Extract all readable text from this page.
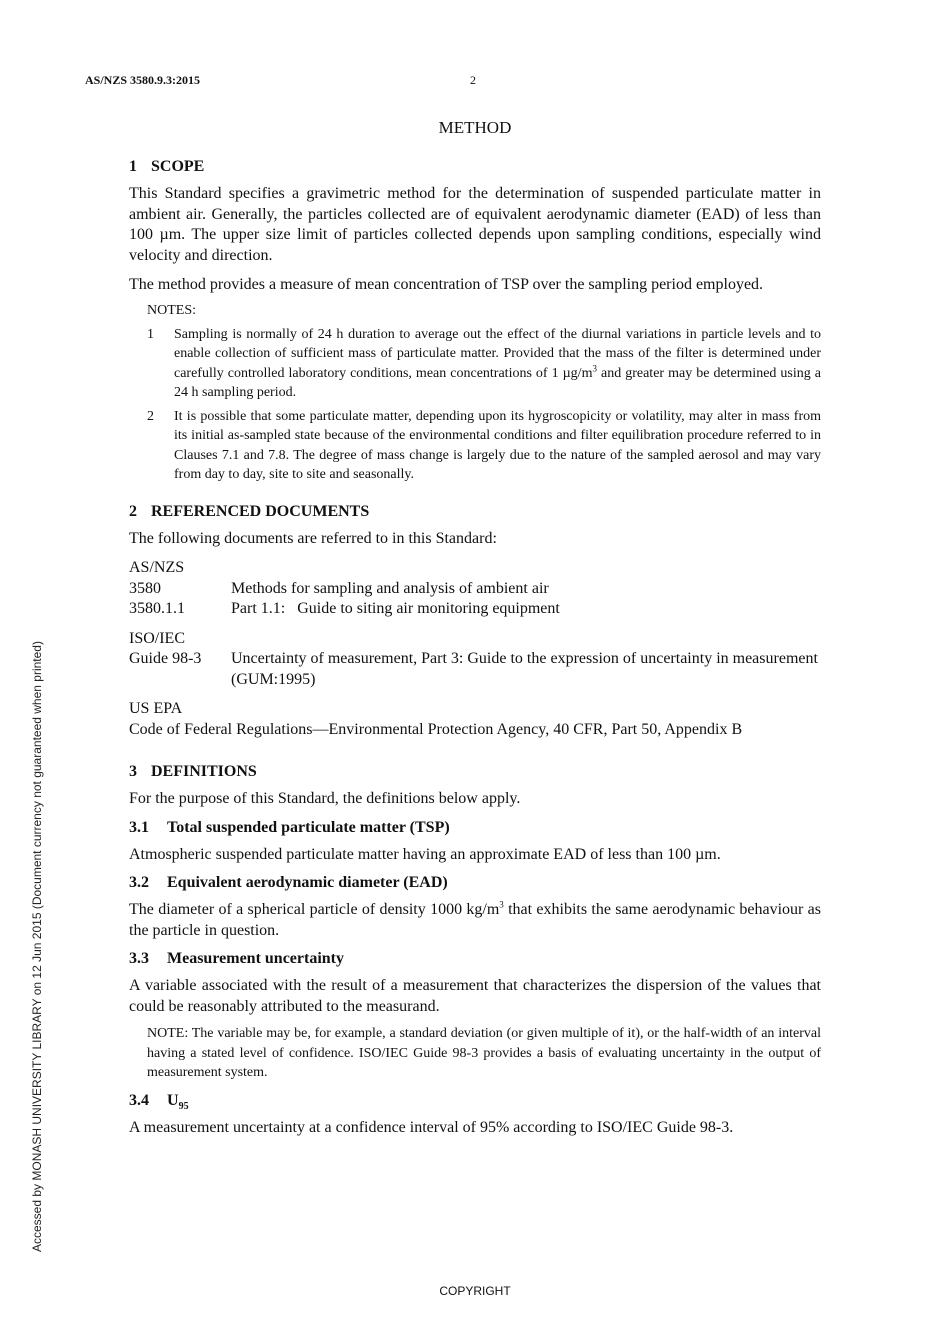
AS/NZS 3580.9.3:2015	2
Accessed by MONASH UNIVERSITY LIBRARY on 12 Jun 2015 (Document currency not guaranteed when printed)
METHOD
1 SCOPE

This Standard specifies a gravimetric method for the determination of suspended particulate matter in ambient air. Generally, the particles collected are of equivalent aerodynamic diameter (EAD) of less than 100 µm. The upper size limit of particles collected depends upon sampling conditions, especially wind velocity and direction.

The method provides a measure of mean concentration of TSP over the sampling period employed.

NOTES:
1	Sampling is normally of 24 h duration to average out the effect of the diurnal variations in particle levels and to enable collection of sufficient mass of particulate matter. Provided that the mass of the filter is determined under carefully controlled laboratory conditions, mean concentrations of 1 $\mu g/m^3$ and greater may be determined using a 24 h sampling period.
2	It is possible that some particulate matter, depending upon its hygroscopicity or volatility, may alter in mass from its initial as-sampled state because of the environmental conditions and filter equilibration procedure referred to in Clauses 7.1 and 7.8. The degree of mass change is largely due to the nature of the sampled aerosol and may vary from day to day, site to site and seasonally.
2 REFERENCED DOCUMENTS

The following documents are referred to in this Standard:

AS/NZS
3580	Methods for sampling and analysis of ambient air
3580.1.1	Part 1.1:   Guide to siting air monitoring equipment
ISO/IEC
Guide 98-3	Uncertainty of measurement, Part 3: Guide to the expression of uncertainty in measurement (GUM:1995)
US EPA
Code of Federal Regulations—Environmental Protection Agency, 40 CFR, Part 50, Appendix B
3 DEFINITIONS

For the purpose of this Standard, the definitions below apply.

3.1 Total suspended particulate matter (TSP)

Atmospheric suspended particulate matter having an approximate EAD of less than 100 µm.

3.2 Equivalent aerodynamic diameter (EAD)

The diameter of a spherical particle of density 1000 $kg/m^3$ that exhibits the same aerodynamic behaviour as the particle in question.

3.3 Measurement uncertainty

A variable associated with the result of a measurement that characterizes the dispersion of the values that could be reasonably attributed to the measurand.

NOTE: The variable may be, for example, a standard deviation (or given multiple of it), or the half-width of an interval having a stated level of confidence. ISO/IEC Guide 98-3 provides a basis of evaluating uncertainty in the output of measurement system.
3.4 $U_{95}$

A measurement uncertainty at a confidence interval of 95% according to ISO/IEC Guide 98-3.

COPYRIGHT
